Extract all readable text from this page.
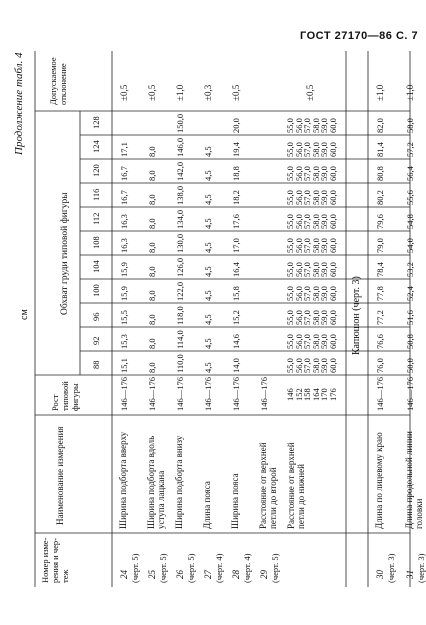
ГОСТ 27170—86 С. 7
Продолжение табл. 4
см
Номер изме-рения и чер-теж
Наименование измерения
Рост типовой фигуры
Обхват груди типовой фигуры
88
92
96
100
104
108
112
116
120
124
128
Допускаемое отклонение
24 (черт. 5)
Ширина подборта вверху
146—176
15,1
15,3
15,5
15,9
15,9
16,3
16,3
16,7
16,7
17,1
±0,5
25 (черт. 5)
Ширина подборта вдоль уступа лацкана
146—176
8,0
8,0
8,0
8,0
8,0
8,0
8,0
8,0
8,0
8,0
±0,5
26 (черт. 5)
Ширина подборта внизу
146—176
110,0
114,0
118,0
122,0
126,0
130,0
134,0
138,0
142,0
146,0
150,0
±1,0
27 (черт. 4)
Длина пояса
146—176
4,5
4,5
4,5
4,5
4,5
4,5
4,5
4,5
4,5
4,5
±0,3
28 (черт. 4)
Ширина пояса
146—176
14,0
14,6
15,2
15,8
16,4
17,0
17,6
18,2
18,8
19,4
20,0
±0,5
29 (черт. 5)
Расстояние от верхней петли до второй
146—176
Расстояние от верхней петли до нижней
146
152
158
164
170
176
55,0
56,0
57,0
58,0
59,0
60,0
55,0
56,0
57,0
58,0
59,0
60,0
55,0
56,0
57,0
58,0
59,0
60,0
55,0
56,0
57,0
58,0
59,0
60,0
55,0
56,0
57,0
58,0
59,0
60,0
55,0
56,0
57,0
58,0
59,0
60,0
55,0
56,0
57,0
58,0
59,0
60,0
55,0
56,0
57,0
58,0
59,0
60,0
55,0
56,0
57,0
58,0
59,0
60,0
55,0
56,0
57,0
58,0
59,0
60,0
55,0
56,0
57,0
58,0
59,0
60,0
±0,5
Капюшон (черт. 3)
30 (черт. 3)
Длина по лицевому краю
146—176
76,0
76,6
77,2
77,8
78,4
79,0
79,6
80,2
80,8
81,4
82,0
±1,0
31 (черт. 3)
Длина продольной линии головки
146—176
50,0
50,8
51,6
52,4
53,2
54,0
54,8
55,6
56,4
57,2
58,0
±1,0
